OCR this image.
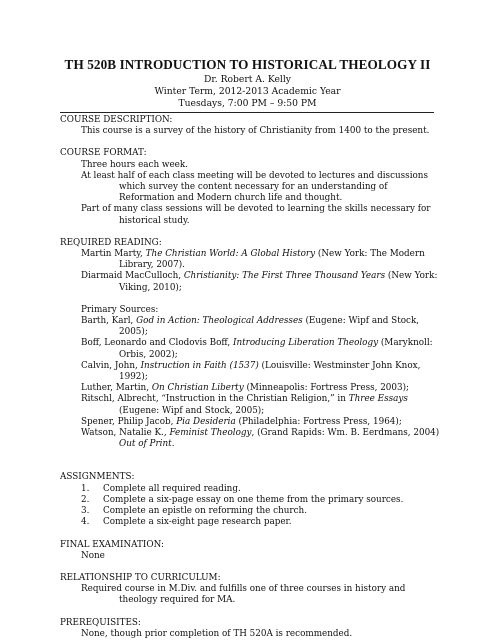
TH 520B INTRODUCTION TO HISTORICAL THEOLOGY II
Dr. Robert A. Kelly
Winter Term, 2012-2013 Academic Year
Tuesdays, 7:00 PM – 9:50 PM
COURSE DESCRIPTION:
This course is a survey of the history of Christianity from 1400 to the present.
COURSE FORMAT:
Three hours each week.
At least half of each class meeting will be devoted to lectures and discussions which survey the content necessary for an understanding of Reformation and Modern church life and thought.
Part of many class sessions will be devoted to learning the skills necessary for historical study.
REQUIRED READING:
Martin Marty, The Christian World: A Global History (New York: The Modern Library, 2007).
Diarmaid MacCulloch, Christianity: The First Three Thousand Years (New York: Viking, 2010);
Primary Sources:
Barth, Karl, God in Action: Theological Addresses (Eugene: Wipf and Stock, 2005);
Boff, Leonardo and Clodovis Boff, Introducing Liberation Theology (Maryknoll: Orbis, 2002);
Calvin, John, Instruction in Faith (1537) (Louisville: Westminster John Knox, 1992);
Luther, Martin, On Christian Liberty (Minneapolis: Fortress Press, 2003);
Ritschl, Albrecht, “Instruction in the Christian Religion,” in Three Essays (Eugene: Wipf and Stock, 2005);
Spener, Philip Jacob, Pia Desideria (Philadelphia: Fortress Press, 1964);
Watson, Natalie K., Feminist Theology, (Grand Rapids: Wm. B. Eerdmans, 2004) Out of Print.
ASSIGNMENTS:
1.	Complete all required reading.
2.	Complete a six-page essay on one theme from the primary sources.
3.	Complete an epistle on reforming the church.
4.	Complete a six-eight page research paper.
FINAL EXAMINATION:
None
RELATIONSHIP TO CURRICULUM:
Required course in M.Div. and fulfills one of three courses in history and theology required for MA.
PREREQUISITES:
None, though prior completion of TH 520A is recommended.
